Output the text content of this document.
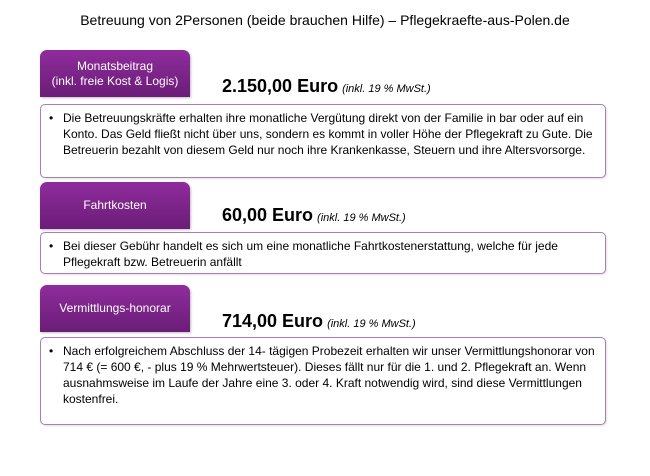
Betreuung von 2Personen (beide brauchen Hilfe) – Pflegekraefte-aus-Polen.de
Monatsbeitrag
(inkl. freie Kost & Logis) 2.150,00 Euro (inkl. 19 % MwSt.)
• Die Betreuungskräfte erhalten ihre monatliche Vergütung direkt von der Familie in bar oder auf ein Konto. Das Geld fließt nicht über uns, sondern es kommt in voller Höhe der Pflegekraft zu Gute. Die Betreuerin bezahlt von diesem Geld nur noch ihre Krankenkasse, Steuern und ihre Altersvorsorge.
Fahrtkosten	60,00 Euro (inkl. 19 % MwSt.)
• Bei dieser Gebühr handelt es sich um eine monatliche Fahrtkostenerstattung, welche für jede Pflegekraft bzw. Betreuerin anfällt
Vermittlungs-honorar
714,00 Euro (inkl. 19 % MwSt.)
• Nach erfolgreichem Abschluss der 14- tägigen Probezeit erhalten wir unser Vermittlungshonorar von 714 € (= 600 €, - plus 19 % Mehrwertsteuer). Dieses fällt nur für die 1. und 2. Pflegekraft an. Wenn ausnahmsweise im Laufe der Jahre eine 3. oder 4. Kraft notwendig wird, sind diese Vermittlungen kostenfrei.
